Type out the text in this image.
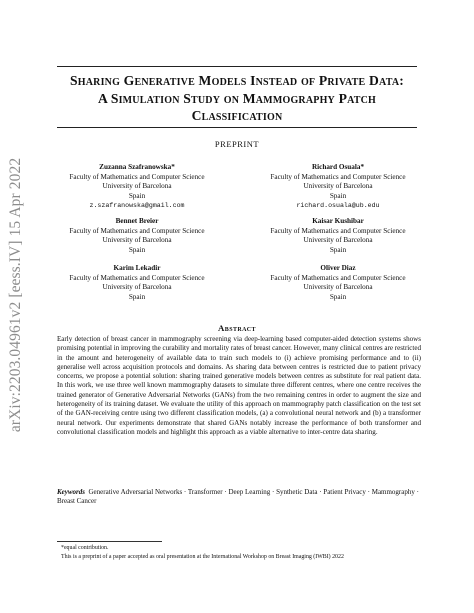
arXiv:2203.04961v2 [eess.IV] 15 Apr 2022
Sharing Generative Models Instead of Private Data:
A Simulation Study on Mammography Patch
Classification
PREPRINT
Zuzanna Szafranowska*
Faculty of Mathematics and Computer Science
University of Barcelona
Spain
z.szafranowska@gmail.com
Richard Osuala*
Faculty of Mathematics and Computer Science
University of Barcelona
Spain
richard.osuala@ub.edu
Bennet Breier
Faculty of Mathematics and Computer Science
University of Barcelona
Spain
Kaisar Kushibar
Faculty of Mathematics and Computer Science
University of Barcelona
Spain
Karim Lekadir
Faculty of Mathematics and Computer Science
University of Barcelona
Spain
Oliver Diaz
Faculty of Mathematics and Computer Science
University of Barcelona
Spain
Abstract

Early detection of breast cancer in mammography screening via deep-learning based computer-aided detection systems shows promising potential in improving the curability and mortality rates of breast cancer. However, many clinical centres are restricted in the amount and heterogeneity of available data to train such models to (i) achieve promising performance and to (ii) generalise well across acquisition protocols and domains. As sharing data between centres is restricted due to patient privacy concerns, we propose a potential solution: sharing trained generative models between centres as substitute for real patient data. In this work, we use three well known mammography datasets to simulate three different centres, where one centre receives the trained generator of Generative Adversarial Networks (GANs) from the two remaining centres in order to augment the size and heterogeneity of its training dataset. We evaluate the utility of this approach on mammography patch classification on the test set of the GAN-receiving centre using two different classification models, (a) a convolutional neural network and (b) a transformer neural network. Our experiments demonstrate that shared GANs notably increase the performance of both transformer and convolutional classification models and highlight this approach as a viable alternative to inter-centre data sharing.

Keywords Generative Adversarial Networks · Transformer · Deep Learning · Synthetic Data · Patient Privacy · Mammography · Breast Cancer

*equal contribution.

This is a preprint of a paper accepted as oral presentation at the International Workshop on Breast Imaging (IWBI) 2022
